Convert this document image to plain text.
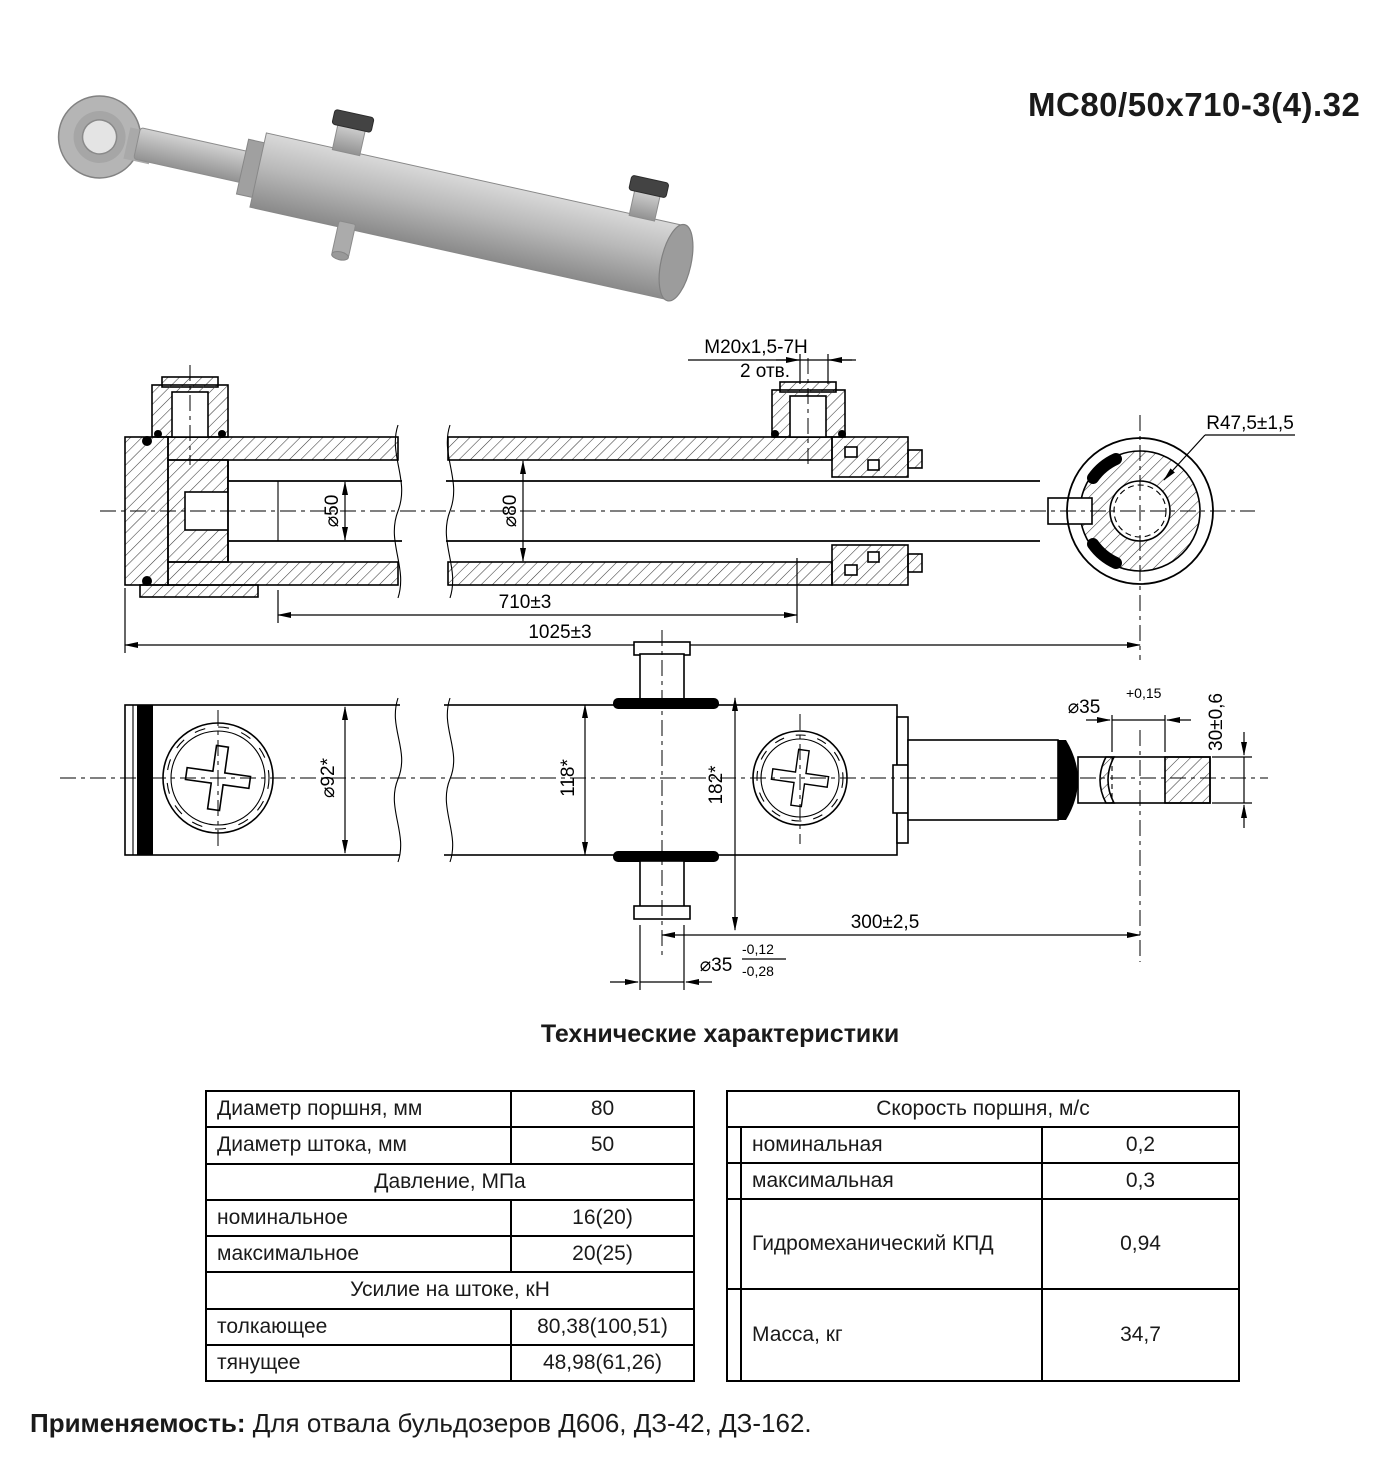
МС80/50х710-3(4).32
⌀50	⌀80
710±3
1025±3
М20х1,5-7Н
2 отв.
R47,5±1,5
⌀92*	118*	182*
⌀35
+0,15
30±0,6
300±2,5
⌀35
-0,12
-0,28
Технические характеристики
Диаметр поршня, мм	80
Диаметр штока, мм	50
Давление, МПа	
номинальное	16(20)
максимальное	20(25)
Усилие на штоке, кН	
толкающее	80,38(100,51)
тянущее	48,98(61,26)
Скорость поршня, м/с		
	номинальная	0,2
	максимальная	0,3
	Гидромеханический КПД	0,94
	Масса, кг	34,7
Применяемость: Для отвала бульдозеров Д606, ДЗ-42, ДЗ-162.
